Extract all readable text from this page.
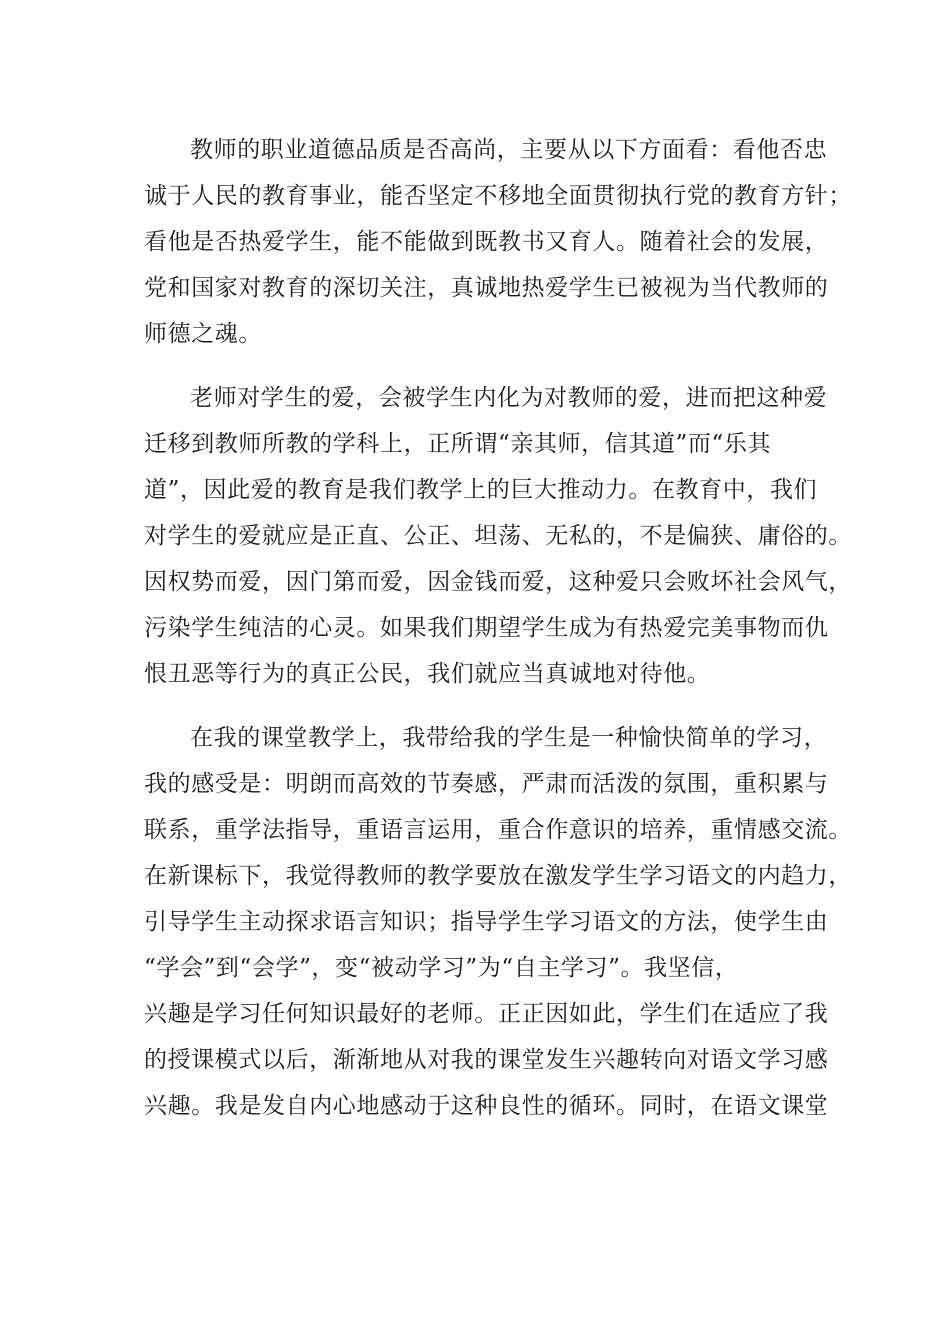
教师的职业道德品质是否高尚，主要从以下方面看：看他否忠
诚于人民的教育事业，能否坚定不移地全面贯彻执行党的教育方针；
看他是否热爱学生，能不能做到既教书又育人。随着社会的发展，
党和国家对教育的深切关注，真诚地热爱学生已被视为当代教师的
师德之魂。
老师对学生的爱，会被学生内化为对教师的爱，进而把这种爱
迁移到教师所教的学科上，正所谓“亲其师，信其道”而“乐其
道”，因此爱的教育是我们教学上的巨大推动力。在教育中，我们
对学生的爱就应是正直、公正、坦荡、无私的，不是偏狭、庸俗的。
因权势而爱，因门第而爱，因金钱而爱，这种爱只会败坏社会风气，
污染学生纯洁的心灵。如果我们期望学生成为有热爱完美事物而仇
恨丑恶等行为的真正公民，我们就应当真诚地对待他。
在我的课堂教学上，我带给我的学生是一种愉快简单的学习，
我的感受是：明朗而高效的节奏感，严肃而活泼的氛围，重积累与
联系，重学法指导，重语言运用，重合作意识的培养，重情感交流。
在新课标下，我觉得教师的教学要放在激发学生学习语文的内趋力，
引导学生主动探求语言知识；指导学生学习语文的方法，使学生由
“学会”到“会学”，变“被动学习”为“自主学习”。我坚信，
兴趣是学习任何知识最好的老师。正正因如此，学生们在适应了我
的授课模式以后，渐渐地从对我的课堂发生兴趣转向对语文学习感
兴趣。我是发自内心地感动于这种良性的循环。同时，在语文课堂
